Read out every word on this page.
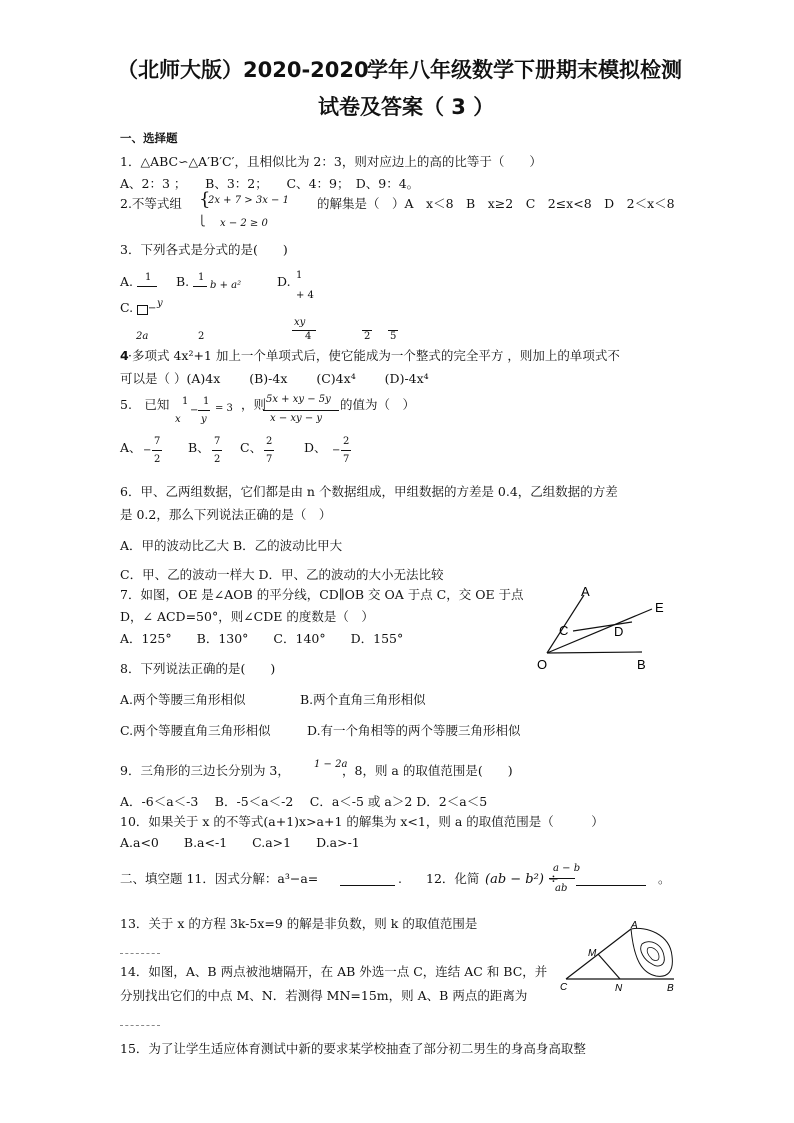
（北师大版）2020-2020
学年八年级数学下册期末模拟检测
试卷及答案（ 3 ）
一、选择题
1．△ABC∽△A′B′C′，且相似比为 2：3，则对应边上的高的比等于（　　）
A、2：3 ；　　B、3：2；　　C、4：9；　D、9：4。
2.不等式组 {
2x + 7 > 3x − 1 的解集是（　）A　x＜8　B　x≥2　C　2≤x<8　D　2＜x＜8
x − 2 ≥ 0
⎩
3．下列各式是分式的是(　　)
A. 1 B. 1
b + a²	D. 1
+ 4
C. − y
xy
2a	2	4	2 5
4 ·多项式 4x²+1 加上一个单项式后，使它能成为一个整式的完全平方 ，则加上的单项式不
可以是（ ）(A)4x　　 (B)-4x　　 (C)4x⁴　　 (D)-4x⁴
5.　已知 1
x
−
1
y
= 3 ，则 5x + xy − 5y
x − xy − y
的值为（　）
A、 −
7
2
B、 7
2
C、 2
7
D、 −
2
7
6．甲、乙两组数据，它们都是由 n 个数据组成，甲组数据的方差是 0.4，乙组数据的方差
是 0.2，那么下列说法正确的是（　）
A．甲的波动比乙大 B．乙的波动比甲大
C．甲、乙的波动一样大 D．甲、乙的波动的大小无法比较
7．如图，OE 是∠AOB 的平分线，CD∥OB 交 OA 于点 C，交 OE 于点
D，∠ ACD=50°，则∠CDE 的度数是（　）
A．125°　　B．130°　　C．140°　　D．155°
A
C	D
E
O	B
8．下列说法正确的是(　　)
A.两个等腰三角形相似	B.两个直角三角形相似
C.两个等腰直角三角形相似	D.有一个角相等的两个等腰三角形相似
9．三角形的三边长分别为 3， 1 − 2a
，8，则 a 的取值范围是(　　)
A．-6＜a＜-3　 B．-5＜a＜-2　 C．a＜-5 或 a＞2 D．2＜a＜5
10．如果关于 x 的不等式(a+1)x>a+1 的解集为 x<1，则 a 的取值范围是（　　　）
A.a<0　　B.a<-1　　C.a>1　　D.a>-1
二、填空题 11．因式分解：a³−a=	. 12．化简 (ab − b²) ÷
a − b
ab
。
13．关于 x 的方程 3k-5x=9 的解是非负数，则 k 的取值范围是
14．如图，A、B 两点被池塘隔开，在 AB 外选一点 C，连结 AC 和 BC，并
分别找出它们的中点 M、N．若测得 MN=15m，则 A、B 两点的距离为
A
M
C	N	B
15．为了让学生适应体育测试中新的要求某学校抽查了部分初二男生的身高身高取整
